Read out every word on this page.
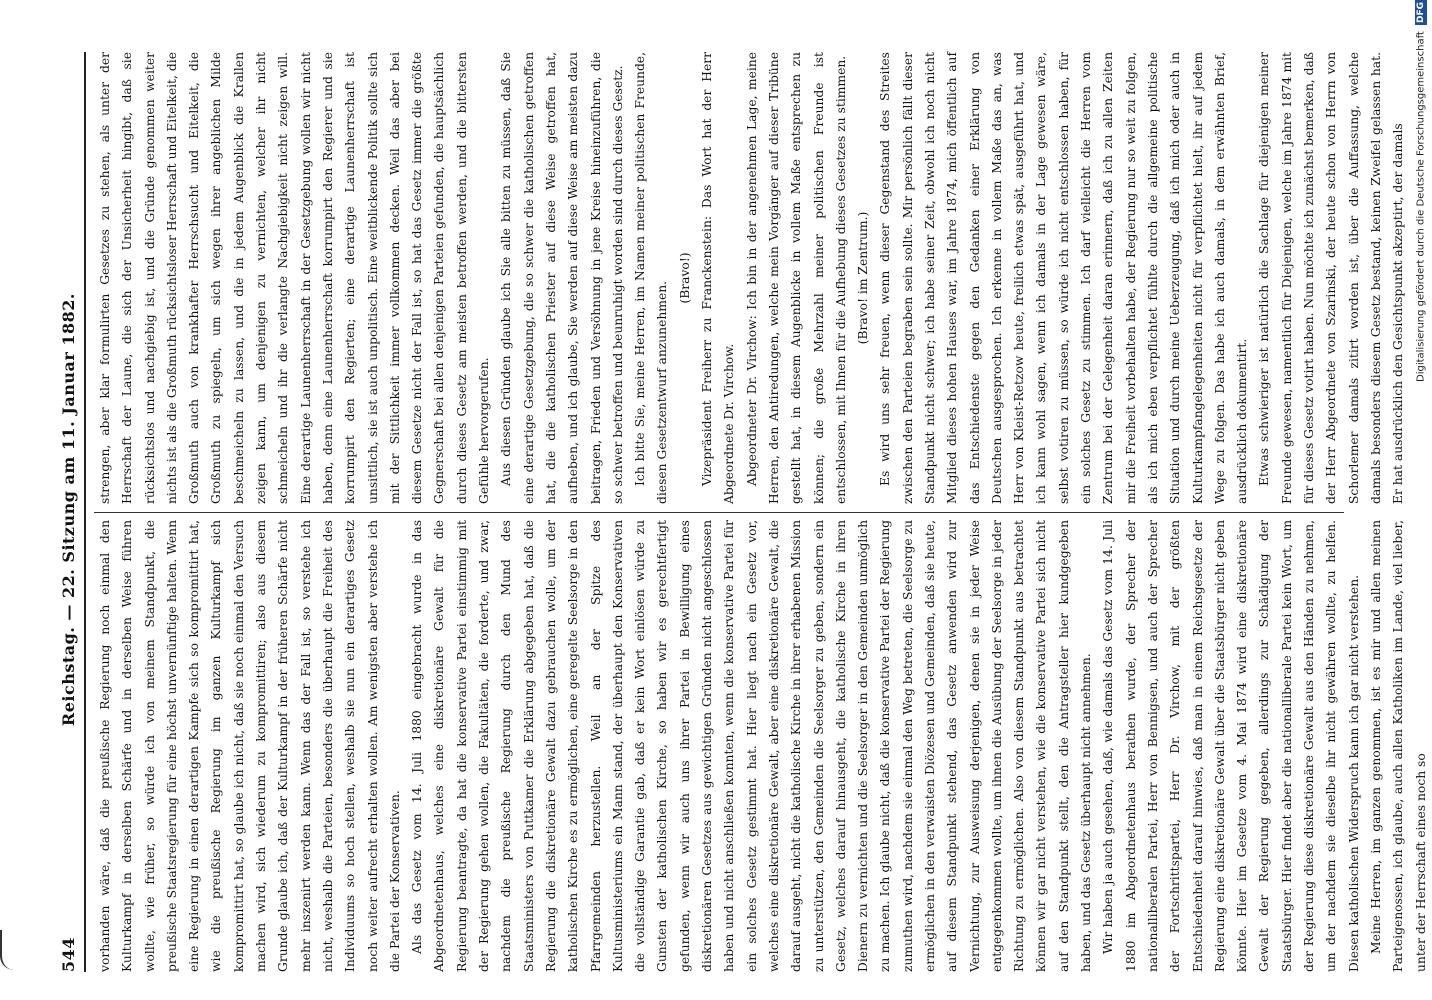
544
Reichstag. — 22. Sitzung am 11. Januar 1882.

vorhanden wäre, daß die preußische Regierung noch einmal den Kulturkampf in derselben Schärfe und in derselben Weise führen wollte, wie früher, so würde ich von meinem Standpunkt, die preußische Staatsregierung für eine höchst unvernünftige halten. Wenn eine Regierung in einen derartigen Kampfe sich so kompromittirt hat, wie die preußische Regierung im ganzen Kulturkampf sich kompromittirt hat, so glaube ich nicht, daß sie noch einmal den Versuch machen wird, sich wiederum zu kompromittiren; also aus diesem Grunde glaube ich, daß der Kulturkampf in der früheren Schärfe nicht mehr inszenirt werden kann. Wenn das der Fall ist, so verstehe ich nicht, weshalb die Parteien, besonders die überhaupt die Freiheit des Individuums so hoch stellen, weshalb sie nun ein derartiges Gesetz noch weiter aufrecht erhalten wollen. Am wenigsten aber verstehe ich die Partei der Konservativen. Als das Gesetz vom 14. Juli 1880 eingebracht wurde in das Abgeordnetenhaus, welches eine diskretionäre Gewalt für die Regierung beantragte, da hat die konservative Partei einstimmig mit der Regierung gehen wollen, die Fakultäten, die forderte, und zwar, nachdem die preußische Regierung durch den Mund des Staatsministers von Puttkamer die Erklärung abgegeben hat, daß die Regierung die diskretionäre Gewalt dazu gebrauchen wolle, um der katholischen Kirche es zu ermöglichen, eine geregelte Seelsorge in den Pfarrgemeinden herzustellen. Weil an der Spitze des Kultusministeriums ein Mann stand, der überhaupt den Konservativen die vollständige Garantie gab, daß er kein Wort einlösen würde zu Gunsten der katholischen Kirche, so haben wir es gerechtfertigt gefunden, wenn wir auch uns ihrer Partei in Bewilligung eines diskretionären Gesetzes aus gewichtigen Gründen nicht angeschlossen haben und nicht anschließen konnten, wenn die konservative Partei für ein solches Gesetz gestimmt hat. Hier liegt nach ein Gesetz vor, welches eine diskretionäre Gewalt, aber eine diskretionäre Gewalt, die darauf ausgeht, nicht die katholische Kirche in ihrer erhabenen Mission zu unterstützen, den Gemeinden die Seelsorger zu geben, sondern ein Gesetz, welches darauf hinausgeht, die katholische Kirche in ihren Dienern zu vernichten und die Seelsorger in den Gemeinden unmöglich zu machen. Ich glaube nicht, daß die konservative Partei der Regierung zumuthen wird, nachdem sie einmal den Weg betreten, die Seelsorge zu ermöglichen in den verwaisten Diözesen und Gemeinden, daß sie heute, auf diesem Standpunkt stehend, das Gesetz anwenden wird zur Vernichtung, zur Ausweisung derjenigen, denen sie in jeder Weise entgegenkommen wollte, um ihnen die Ausübung der Seelsorge in jeder Richtung zu ermöglichen. Also von diesem Standpunkt aus betrachtet können wir gar nicht verstehen, wie die konservative Partei sich nicht auf den Standpunkt stellt, den die Antragsteller hier kundgegeben haben, und das Gesetz überhaupt nicht annehmen. Wir haben ja auch gesehen, daß, wie damals das Gesetz vom 14. Juli 1880 im Abgeordnetenhaus berathen wurde, der Sprecher der nationalliberalen Partei, Herr von Bennigsen, und auch der Sprecher der Fortschrittspartei, Herr Dr. Virchow, mit der größten Entschiedenheit darauf hinwies, daß man in einem Reichsgesetze der Regierung eine diskretionäre Gewalt über die Staatsbürger nicht geben könnte. Hier im Gesetze vom 4. Mai 1874 wird eine diskretionäre Gewalt der Regierung gegeben, allerdings zur Schädigung der Staatsbürger. Hier findet aber die nationalliberale Partei kein Wort, um der Regierung diese diskretionäre Gewalt aus den Händen zu nehmen, um der nachdem sie dieselbe ihr nicht gewähren wollte, zu helfen. Diesen katholischen Widerspruch kann ich gar nicht verstehen. Meine Herren, im ganzen genommen, ist es mir und allen meinen Parteigenossen, ich glaube, auch allen Katholiken im Lande, viel lieber, unter der Herrschaft eines noch so

strengen, aber klar formulirten Gesetzes zu stehen, als unter der Herrschaft der Laune, die sich der Unsicherheit hingibt, daß sie rücksichtslos und nachgiebig ist, und die Gründe genommen weiter nichts ist als die Großmuth rücksichtsloser Herrschaft und Eitelkeit, die Großmuth auch von krankhafter Herrschsucht und Eitelkeit, die Großmuth zu spiegeln, um sich wegen ihrer angeblichen Milde beschmeicheln zu lassen, und die in jedem Augenblick die Krallen zeigen kann, um denjenigen zu vernichten, welcher ihr nicht schmeicheln und ihr die verlangte Nachgiebigkeit nicht zeigen will. Eine derartige Launenherrschaft in der Gesetzgebung wollen wir nicht haben, denn eine Launenherrschaft korrumpirt den Regierer und sie korrumpirt den Regierten; eine derartige Launenherrschaft ist unsittlich, sie ist auch unpolitisch. Eine weitblickende Politik sollte sich mit der Sittlichkeit immer vollkommen decken. Weil das aber bei diesem Gesetze nicht der Fall ist, so hat das Gesetz immer die größte Gegnerschaft bei allen denjenigen Parteien gefunden, die hauptsächlich durch dieses Gesetz am meisten betroffen werden, und die bittersten Gefühle hervorgerufen. Aus diesen Gründen glaube ich Sie alle bitten zu müssen, daß Sie eine derartige Gesetzgebung, die so schwer die katholischen getroffen hat, die die katholischen Priester auf diese Weise getroffen hat, aufheben, und ich glaube, Sie werden auf diese Weise am meisten dazu beitragen, Frieden und Versöhnung in jene Kreise hineinzuführen, die so schwer betroffen und beunruhigt worden sind durch dieses Gesetz. Ich bitte Sie, meine Herren, im Namen meiner politischen Freunde, diesen Gesetzentwurf anzunehmen.

(Bravo!) Vizepräsident Freiherr zu Franckenstein: Das Wort hat der Herr Abgeordnete Dr. Virchow. Abgeordneter Dr. Virchow: Ich bin in der angenehmen Lage, meine Herren, den Antiredungen, welche mein Vorgänger auf dieser Tribüne gestellt hat, in diesem Augenblicke in vollem Maße entsprechen zu können; die große Mehrzahl meiner politischen Freunde ist entschlossen, mit Ihnen für die Aufhebung dieses Gesetzes zu stimmen. (Bravo! im Zentrum.) Es wird uns sehr freuen, wenn dieser Gegenstand des Streites zwischen den Parteien begraben sein sollte. Mir persönlich fällt dieser Standpunkt nicht schwer; ich habe seiner Zeit, obwohl ich noch nicht Mitglied dieses hohen Hauses war, im Jahre 1874, mich öffentlich auf das Entschiedenste gegen den Gedanken einer Erklärung von Deutschen ausgesprochen. Ich erkenne in vollem Maße das an, was Herr von Kleist-Retzow heute, freilich etwas spät, ausgeführt hat, und ich kann wohl sagen, wenn ich damals in der Lage gewesen wäre, selbst votiren zu müssen, so würde ich nicht entschlossen haben, für ein solches Gesetz zu stimmen. Ich darf vielleicht die Herren vom Zentrum bei der Gelegenheit daran erinnern, daß ich zu allen Zeiten mir die Freiheit vorbehalten habe, der Regierung nur so weit zu folgen, als ich mich eben verpflichtet fühlte durch die allgemeine politische Situation und durch meine Ueberzeugung, daß ich mich oder auch in Kulturkampfangelegenheiten nicht für verpflichtet hielt, ihr auf jedem Wege zu folgen. Das habe ich auch damals, in dem erwähnten Brief, ausdrücklich dokumentirt. Etwas schwieriger ist natürlich die Sachlage für diejenigen meiner Freunde gewesen, namentlich für Diejenigen, welche im Jahre 1874 mit für dieses Gesetz votirt haben. Nun möchte ich zunächst bemerken, daß der Herr Abgeordnete von Szarinski, der heute schon von Herrn von Schorlemer damals zitirt worden ist, über die Auffassung, welche damals besonders diesem Gesetz bestand, keinen Zweifel gelassen hat. Er hat ausdrücklich den Gesichtspunkt akzeptirt, der damals	Digitalisierung gefördert durch die Deutsche Forschungsgemeinschaft
DFG
